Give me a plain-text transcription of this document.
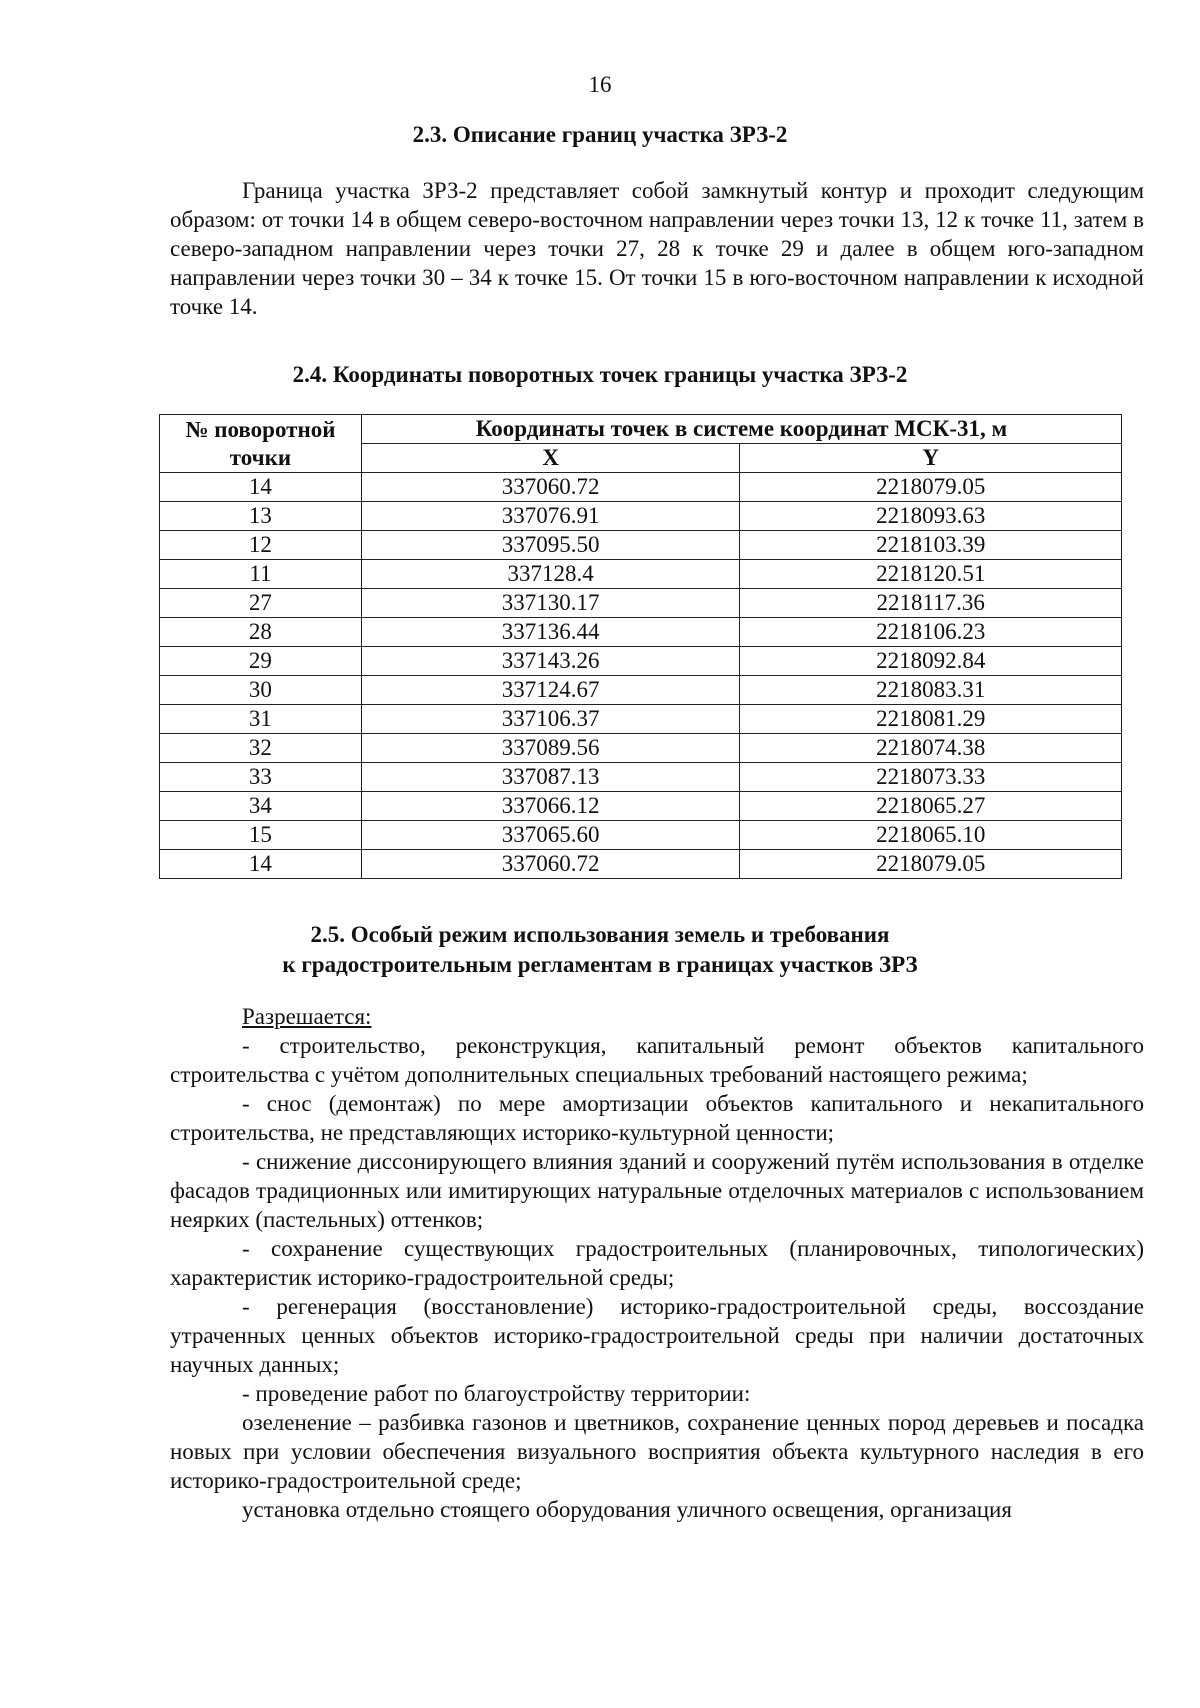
16
2.3. Описание границ участка ЗРЗ-2
Граница участка ЗРЗ-2 представляет собой замкнутый контур и проходит следующим образом: от точки 14 в общем северо-восточном направлении через точки 13, 12 к точке 11, затем в северо-западном направлении через точки 27, 28 к точке 29 и далее в общем юго-западном направлении через точки 30 – 34 к точке 15. От точки 15 в юго-восточном направлении к исходной точке 14.
2.4. Координаты поворотных точек границы участка ЗРЗ-2
№ поворотной точки	Координаты точек в системе координат МСК-31, м	
	X	Y
14	337060.72	2218079.05
13	337076.91	2218093.63
12	337095.50	2218103.39
11	337128.4	2218120.51
27	337130.17	2218117.36
28	337136.44	2218106.23
29	337143.26	2218092.84
30	337124.67	2218083.31
31	337106.37	2218081.29
32	337089.56	2218074.38
33	337087.13	2218073.33
34	337066.12	2218065.27
15	337065.60	2218065.10
14	337060.72	2218079.05
2.5. Особый режим использования земель и требования
к градостроительным регламентам в границах участков ЗРЗ

Разрешается:

- строительство, реконструкция, капитальный ремонт объектов капитального строительства с учётом дополнительных специальных требований настоящего режима;

- снос (демонтаж) по мере амортизации объектов капитального и некапитального строительства, не представляющих историко-культурной ценности;

- снижение диссонирующего влияния зданий и сооружений путём использования в отделке фасадов традиционных или имитирующих натуральные отделочных материалов с использованием неярких (пастельных) оттенков;

- сохранение существующих градостроительных (планировочных, типологических) характеристик историко-градостроительной среды;

- регенерация (восстановление) историко-градостроительной среды, воссоздание утраченных ценных объектов историко-градостроительной среды при наличии достаточных научных данных;

- проведение работ по благоустройству территории:

озеленение – разбивка газонов и цветников, сохранение ценных пород деревьев и посадка новых при условии обеспечения визуального восприятия объекта культурного наследия в его историко-градостроительной среде;

установка отдельно стоящего оборудования уличного освещения, организация
